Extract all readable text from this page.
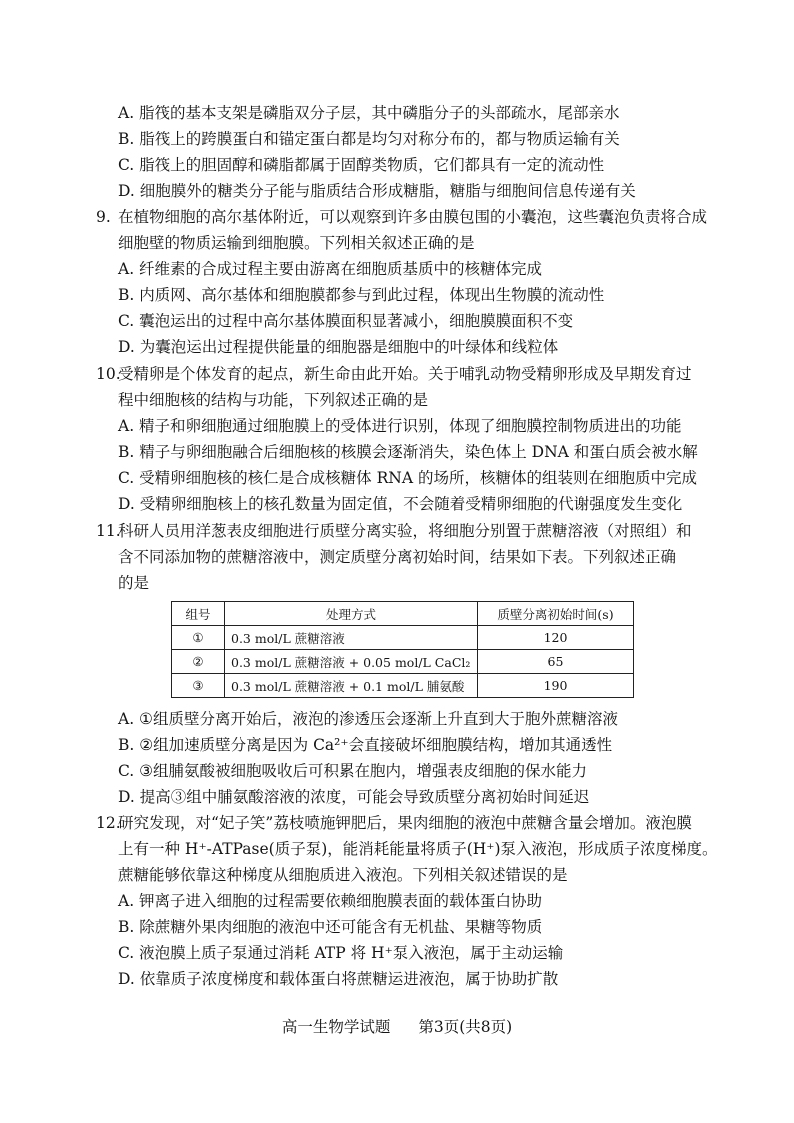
A. 脂筏的基本支架是磷脂双分子层，其中磷脂分子的头部疏水，尾部亲水
B. 脂筏上的跨膜蛋白和锚定蛋白都是均匀对称分布的，都与物质运输有关
C. 脂筏上的胆固醇和磷脂都属于固醇类物质，它们都具有一定的流动性
D. 细胞膜外的糖类分子能与脂质结合形成糖脂，糖脂与细胞间信息传递有关
9. 在植物细胞的高尔基体附近，可以观察到许多由膜包围的小囊泡，这些囊泡负责将合成
细胞壁的物质运输到细胞膜。下列相关叙述正确的是
A. 纤维素的合成过程主要由游离在细胞质基质中的核糖体完成
B. 内质网、高尔基体和细胞膜都参与到此过程，体现出生物膜的流动性
C. 囊泡运出的过程中高尔基体膜面积显著减小，细胞膜膜面积不变
D. 为囊泡运出过程提供能量的细胞器是细胞中的叶绿体和线粒体
10.
受精卵是个体发育的起点，新生命由此开始。关于哺乳动物受精卵形成及早期发育过
程中细胞核的结构与功能，下列叙述正确的是
A. 精子和卵细胞通过细胞膜上的受体进行识别，体现了细胞膜控制物质进出的功能
B. 精子与卵细胞融合后细胞核的核膜会逐渐消失，染色体上 DNA 和蛋白质会被水解
C. 受精卵细胞核的核仁是合成核糖体 RNA 的场所，核糖体的组装则在细胞质中完成
D. 受精卵细胞核上的核孔数量为固定值，不会随着受精卵细胞的代谢强度发生变化
11.
科研人员用洋葱表皮细胞进行质壁分离实验，将细胞分别置于蔗糖溶液（对照组）和
含不同添加物的蔗糖溶液中，测定质壁分离初始时间，结果如下表。下列叙述正确
的是
组号	处理方式	质壁分离初始时间(s)
①	0.3 mol/L 蔗糖溶液	120
②	0.3 mol/L 蔗糖溶液 + 0.05 mol/L CaCl₂	65
③	0.3 mol/L 蔗糖溶液 + 0.1 mol/L 脯氨酸	190
A. ①组质壁分离开始后，液泡的渗透压会逐渐上升直到大于胞外蔗糖溶液
B. ②组加速质壁分离是因为 Ca²⁺会直接破坏细胞膜结构，增加其通透性
C. ③组脯氨酸被细胞吸收后可积累在胞内，增强表皮细胞的保水能力
D. 提高③组中脯氨酸溶液的浓度，可能会导致质壁分离初始时间延迟
12.
研究发现，对“妃子笑”荔枝喷施钾肥后，果肉细胞的液泡中蔗糖含量会增加。液泡膜
上有一种 H⁺-ATPase(质子泵)，能消耗能量将质子(H⁺)泵入液泡，形成质子浓度梯度。
蔗糖能够依靠这种梯度从细胞质进入液泡。下列相关叙述错误的是
A. 钾离子进入细胞的过程需要依赖细胞膜表面的载体蛋白协助
B. 除蔗糖外果肉细胞的液泡中还可能含有无机盐、果糖等物质
C. 液泡膜上质子泵通过消耗 ATP 将 H⁺泵入液泡，属于主动运输
D. 依靠质子浓度梯度和载体蛋白将蔗糖运进液泡，属于协助扩散
高一生物学试题 第3页(共8页)
